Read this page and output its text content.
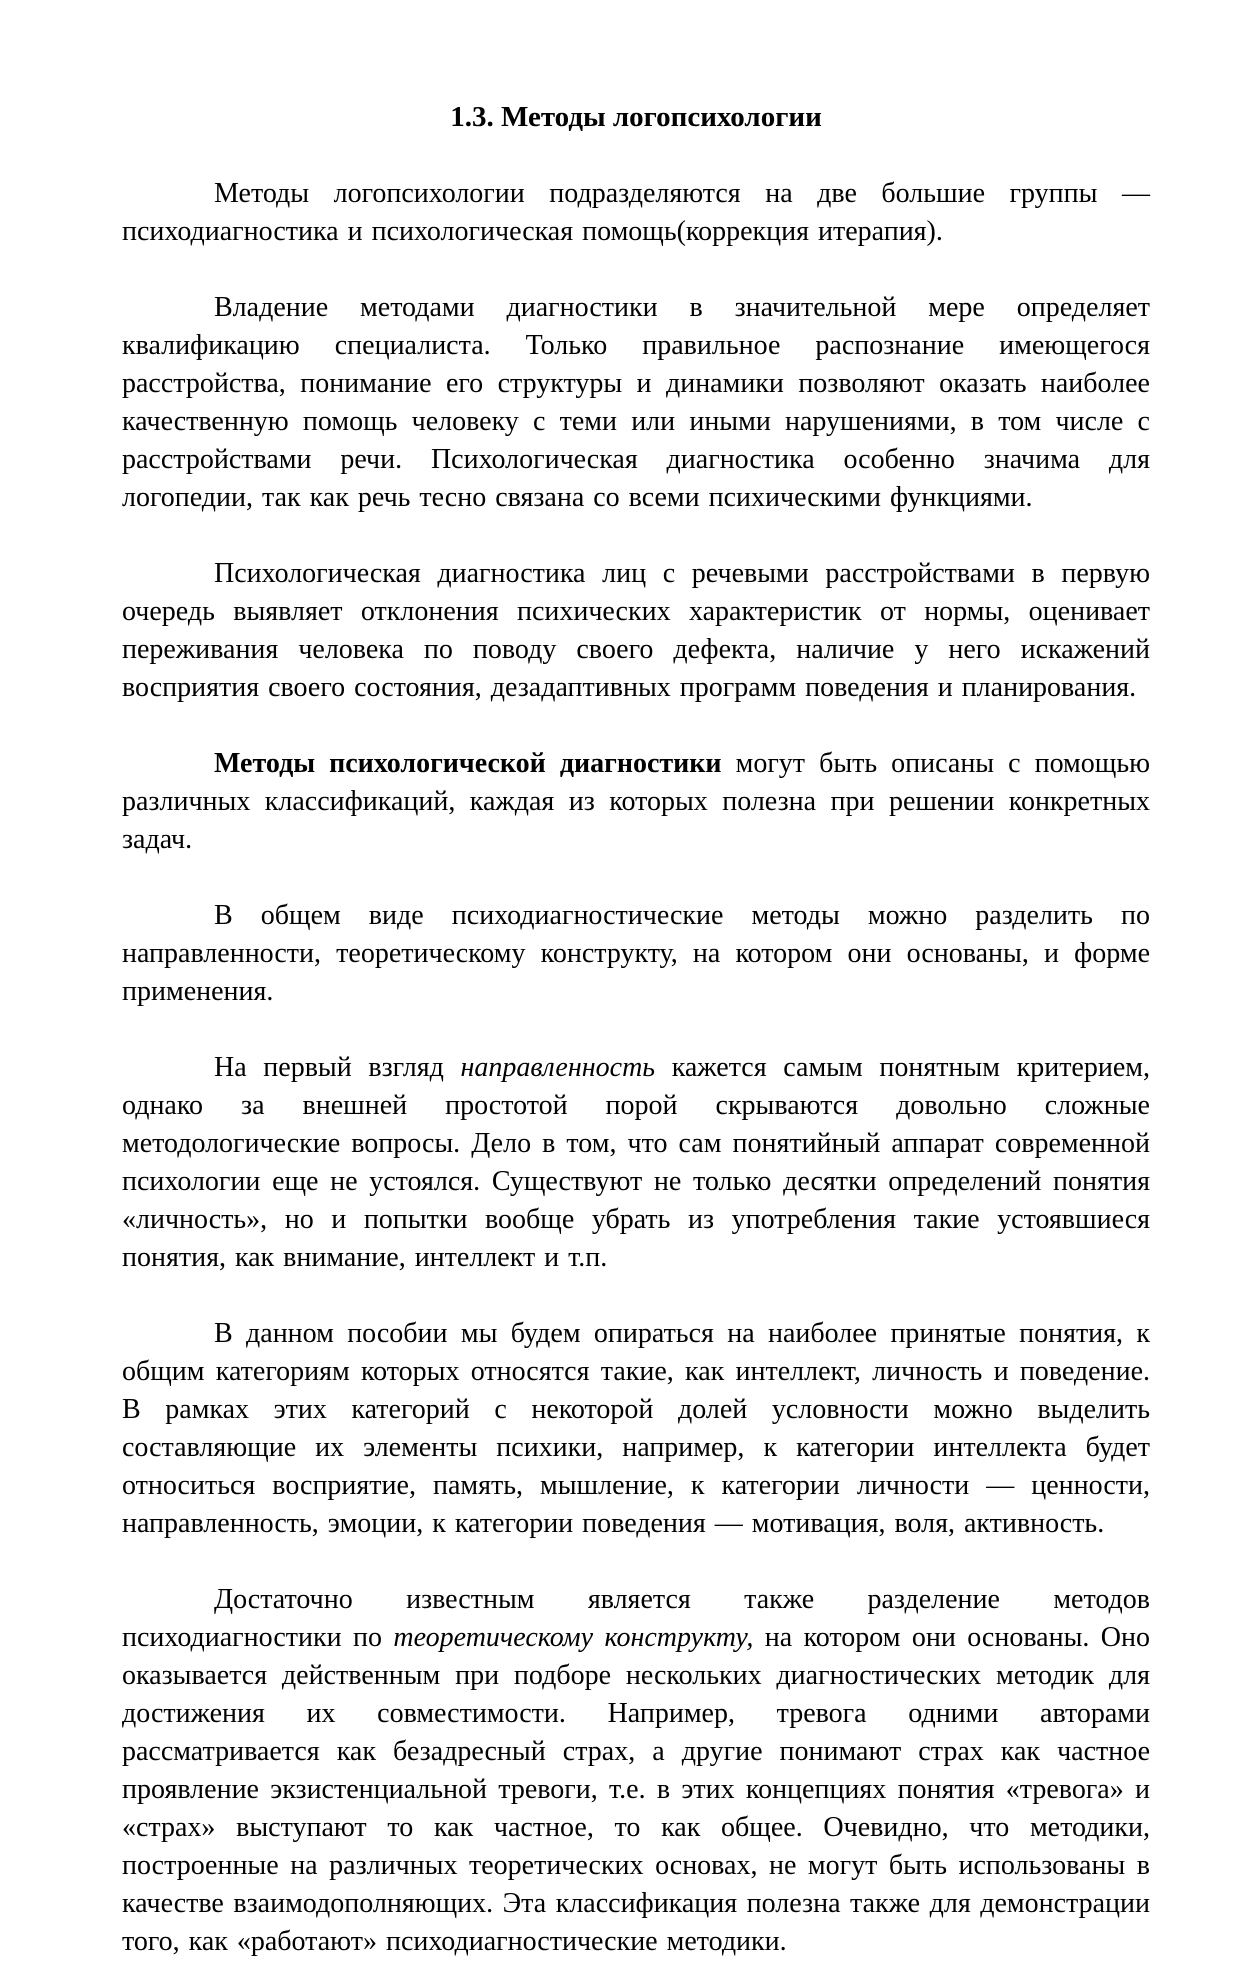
1.3. Методы логопсихологии

Методы логопсихологии подразделяются на две большие группы — психодиагностика и психологическая помощь(коррекция итерапия).

Владение методами диагностики в значительной мере определяет квалификацию специалиста. Только правильное распознание имеющегося расстройства, понимание его структуры и динамики позволяют оказать наиболее качественную помощь человеку с теми или иными нарушениями, в том числе с расстройствами речи. Психологическая диагностика особенно значима для логопедии, так как речь тесно связана со всеми психическими функциями.

Психологическая диагностика лиц с речевыми расстройствами в первую очередь выявляет отклонения психических характеристик от нормы, оценивает переживания человека по поводу своего дефекта, наличие у него искажений восприятия своего состояния, дезадаптивных программ поведения и планирования.

Методы психологической диагностики могут быть описаны с помощью различных классификаций, каждая из которых полезна при решении конкретных задач.

В общем виде психодиагностические методы можно разделить по направленности, теоретическому конструкту, на котором они основаны, и форме применения.

На первый взгляд направленность кажется самым понятным критерием, однако за внешней простотой порой скрываются довольно сложные методологические вопросы. Дело в том, что сам понятийный аппарат современной психологии еще не устоялся. Существуют не только десятки определений понятия «личность», но и попытки вообще убрать из употребления такие устоявшиеся понятия, как внимание, интеллект и т.п.

В данном пособии мы будем опираться на наиболее принятые понятия, к общим категориям которых относятся такие, как интеллект, личность и поведение. В рамках этих категорий с некоторой долей условности можно выделить составляющие их элементы психики, например, к категории интеллекта будет относиться восприятие, память, мышление, к категории личности — ценности, направленность, эмоции, к категории поведения — мотивация, воля, активность.

Достаточно известным является также разделение методов психодиагностики по теоретическому конструкту, на котором они основаны. Оно оказывается действенным при подборе нескольких диагностических методик для достижения их совместимости. Например, тревога одними авторами рассматривается как безадресный страх, а другие понимают страх как частное проявление экзистенциальной тревоги, т.е. в этих концепциях понятия «тревога» и «страх» выступают то как частное, то как общее. Очевидно, что методики, построенные на различных теоретических основах, не могут быть использованы в качестве взаимодополняющих. Эта классификация полезна также для демонстрации того, как «работают» психодиагностические методики.
